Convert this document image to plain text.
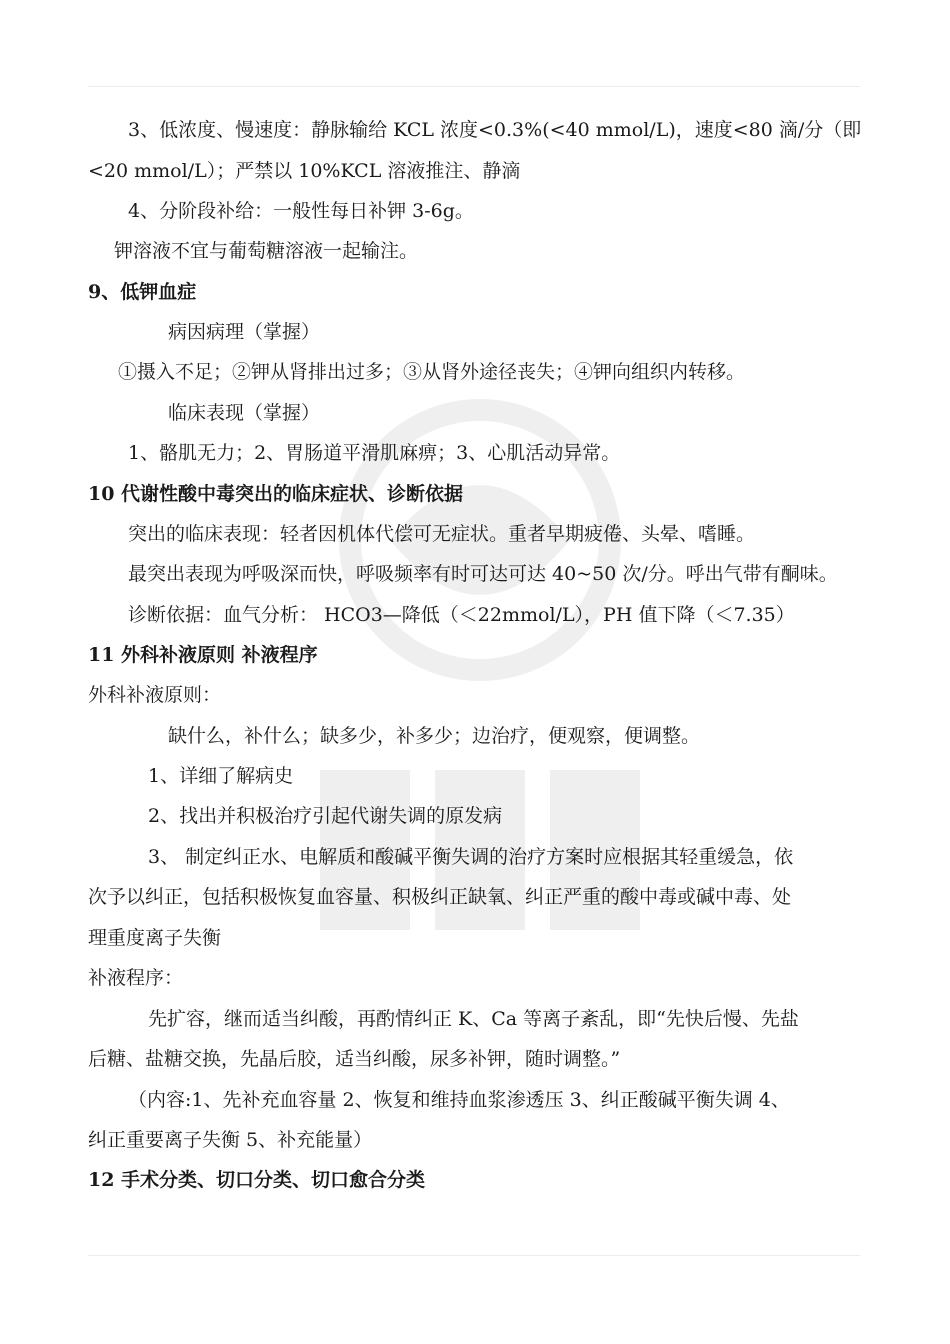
3、低浓度、慢速度：静脉输给 KCL 浓度<0.3%(<40 mmol/L)，速度<80 滴/分（即
<20 mmol/L）；严禁以 10%KCL 溶液推注、静滴
4、分阶段补给：一般性每日补钾 3-6g。
钾溶液不宜与葡萄糖溶液一起输注。
9、低钾血症
病因病理（掌握）
①摄入不足；②钾从肾排出过多；③从肾外途径丧失；④钾向组织内转移。
临床表现（掌握）
1、骼肌无力；2、胃肠道平滑肌麻痹；3、心肌活动异常。
10 代谢性酸中毒突出的临床症状、诊断依据
突出的临床表现：轻者因机体代偿可无症状。重者早期疲倦、头晕、嗜睡。
最突出表现为呼吸深而快，呼吸频率有时可达可达 40~50 次/分。呼出气带有酮味。
诊断依据：血气分析： HCO3—降低（＜22mmol/L），PH 值下降（＜7.35）
11 外科补液原则 补液程序
外科补液原则：
缺什么，补什么；缺多少，补多少；边治疗，便观察，便调整。
1、详细了解病史
2、找出并积极治疗引起代谢失调的原发病
3、 制定纠正水、电解质和酸碱平衡失调的治疗方案时应根据其轻重缓急，依
次予以纠正，包括积极恢复血容量、积极纠正缺氧、纠正严重的酸中毒或碱中毒、处
理重度离子失衡
补液程序：
先扩容，继而适当纠酸，再酌情纠正 K、Ca 等离子紊乱，即“先快后慢、先盐
后糖、盐糖交换，先晶后胶，适当纠酸，尿多补钾，随时调整。”
（内容:1、先补充血容量 2、恢复和维持血浆渗透压 3、纠正酸碱平衡失调 4、
纠正重要离子失衡 5、补充能量）
12 手术分类、切口分类、切口愈合分类
